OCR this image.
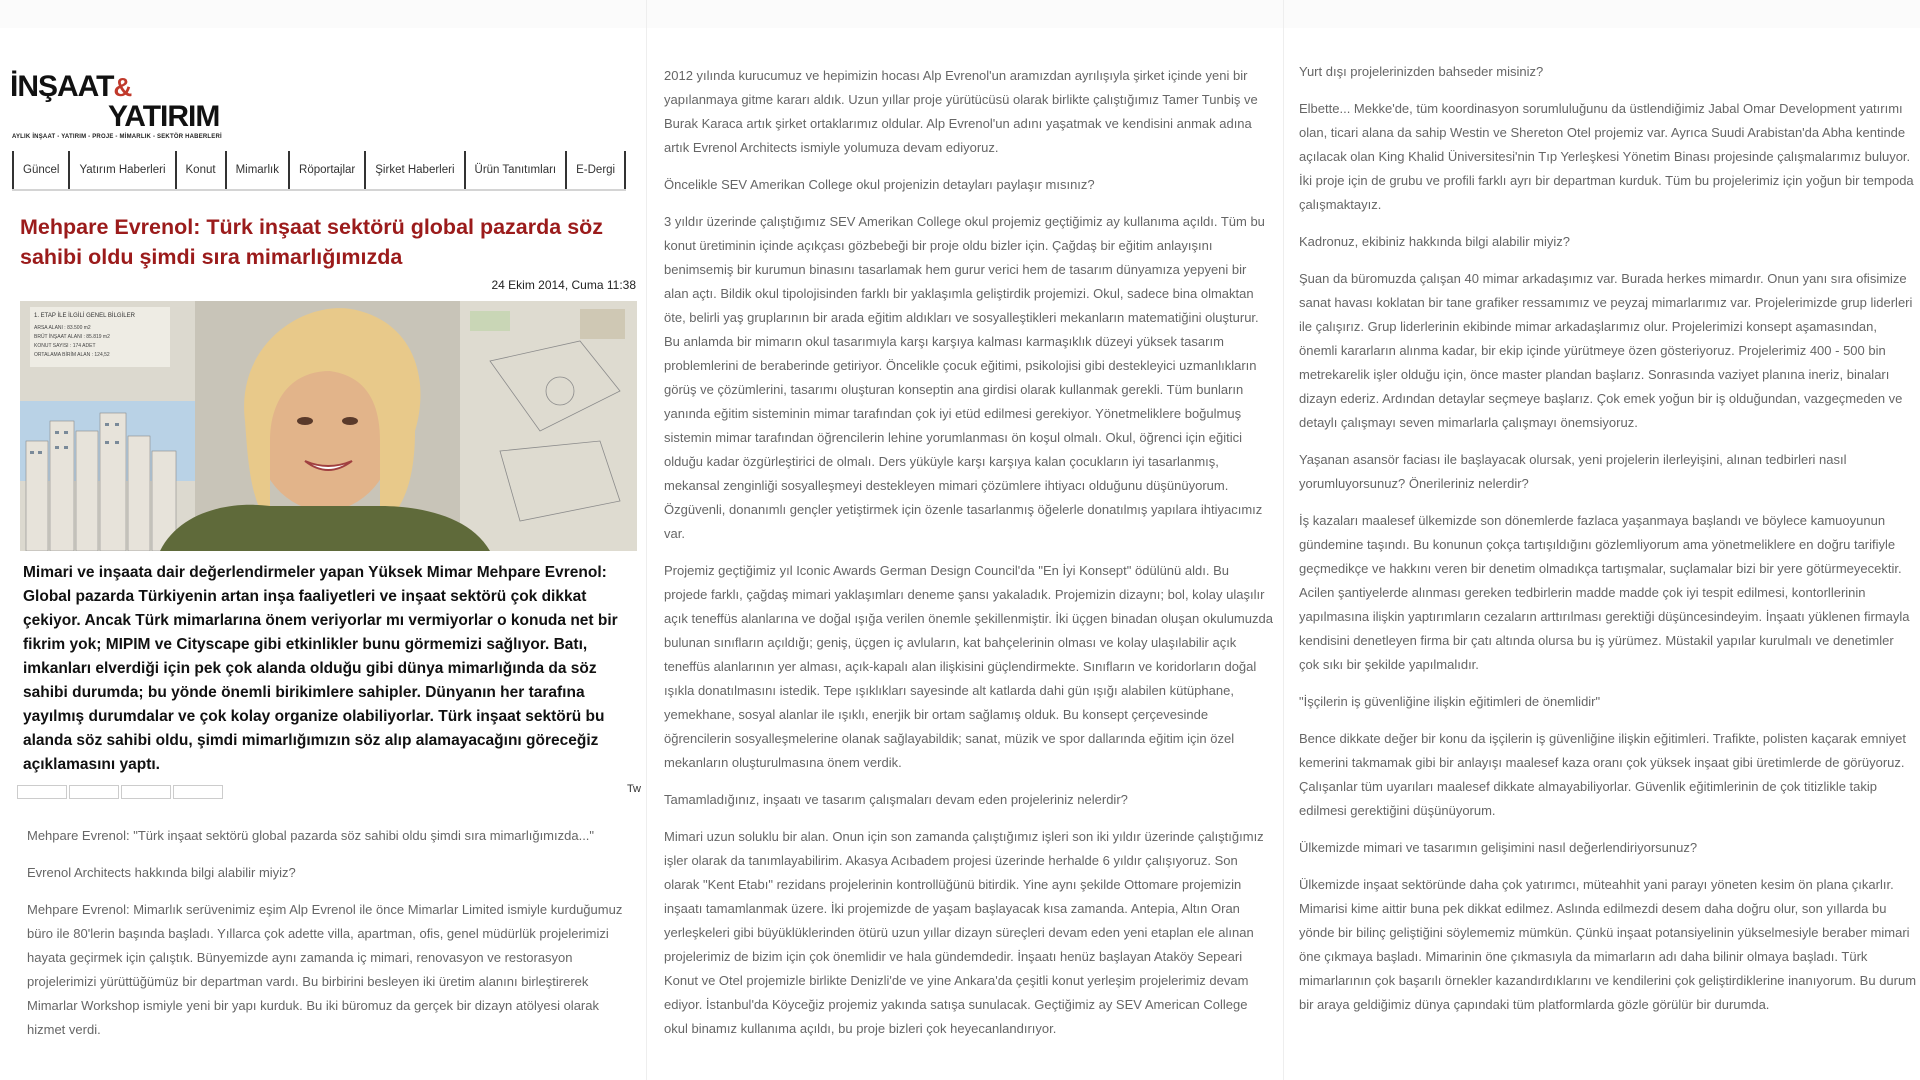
İNŞAAT&
YATIRIM
AYLIK İNŞAAT - YATIRIM - PROJE - MİMARLIK - SEKTÖR HABERLERİ
Güncel	Yatırım Haberleri	Konut	Mimarlık	Röportajlar	Şirket Haberleri	Ürün Tanıtımları	E-Dergi
Mehpare Evrenol: Türk inşaat sektörü global pazarda söz sahibi oldu şimdi sıra mimarlığımızda
24 Ekim 2014, Cuma 11:38
1. ETAP İLE İLGİLİ GENEL BİLGİLER
ARSA ALANI : 83.500 m2
BRÜT İNŞAAT ALANI : 85.819 m2
KONUT SAYISI : 174 ADET
ORTALAMA BİRİM ALAN : 124,52
Mimari ve inşaata dair değerlendirmeler yapan Yüksek Mimar Mehpare Evrenol: Global pazarda Türkiyenin artan inşa faaliyetleri ve inşaat sektörü çok dikkat çekiyor. Ancak Türk mimarlarına önem veriyorlar mı vermiyorlar o konuda net bir fikrim yok; MIPIM ve Cityscape gibi etkinlikler bunu görmemizi sağlıyor. Batı, imkanları elverdiği için pek çok alanda olduğu gibi dünya mimarlığında da söz sahibi durumda; bu yönde önemli birikimlere sahipler. Dünyanın her tarafına yayılmış durumdalar ve çok kolay organize olabiliyorlar. Türk inşaat sektörü bu alanda söz sahibi oldu, şimdi mimarlığımızın söz alıp alamayacağını göreceğiz açıklamasını yaptı.
Tw

Mehpare Evrenol: "Türk inşaat sektörü global pazarda söz sahibi oldu şimdi sıra mimarlığımızda..."

Evrenol Architects hakkında bilgi alabilir miyiz?

Mehpare Evrenol: Mimarlık serüvenimiz eşim Alp Evrenol ile önce Mimarlar Limited ismiyle kurduğumuz büro ile 80'lerin başında başladı. Yıllarca çok adette villa, apartman, ofis, genel müdürlük projelerimizi hayata geçirmek için çalıştık. Bünyemizde aynı zamanda iç mimari, renovasyon ve restorasyon projelerimizi yürüttüğümüz bir departman vardı. Bu birbirini besleyen iki üretim alanını birleştirerek Mimarlar Workshop ismiyle yeni bir yapı kurduk. Bu iki büromuz da gerçek bir dizayn atölyesi olarak hizmet verdi.

2012 yılında kurucumuz ve hepimizin hocası Alp Evrenol'un aramızdan ayrılışıyla şirket içinde yeni bir yapılanmaya gitme kararı aldık. Uzun yıllar proje yürütücüsü olarak birlikte çalıştığımız Tamer Tunbiş ve Burak Karaca artık şirket ortaklarımız oldular. Alp Evrenol'un adını yaşatmak ve kendisini anmak adına artık Evrenol Architects ismiyle yolumuza devam ediyoruz.

Öncelikle SEV Amerikan College okul projenizin detayları paylaşır mısınız?

3 yıldır üzerinde çalıştığımız SEV Amerikan College okul projemiz geçtiğimiz ay kullanıma açıldı. Tüm bu konut üretiminin içinde açıkçası gözbebeği bir proje oldu bizler için. Çağdaş bir eğitim anlayışını benimsemiş bir kurumun binasını tasarlamak hem gurur verici hem de tasarım dünyamıza yepyeni bir alan açtı. Bildik okul tipolojisinden farklı bir yaklaşımla geliştirdik projemizi. Okul, sadece bina olmaktan öte, belirli yaş gruplarının bir arada eğitim aldıkları ve sosyalleştikleri mekanların matematiğini oluşturur. Bu anlamda bir mimarın okul tasarımıyla karşı karşıya kalması karmaşıklık düzeyi yüksek tasarım problemlerini de beraberinde getiriyor. Öncelikle çocuk eğitimi, psikolojisi gibi destekleyici uzmanlıkların görüş ve çözümlerini, tasarımı oluşturan konseptin ana girdisi olarak kullanmak gerekli. Tüm bunların yanında eğitim sisteminin mimar tarafından çok iyi etüd edilmesi gerekiyor. Yönetmeliklere boğulmuş sistemin mimar tarafından öğrencilerin lehine yorumlanması ön koşul olmalı. Okul, öğrenci için eğitici olduğu kadar özgürleştirici de olmalı. Ders yüküyle karşı karşıya kalan çocukların iyi tasarlanmış, mekansal zenginliği sosyalleşmeyi destekleyen mimari çözümlere ihtiyacı olduğunu düşünüyorum. Özgüvenli, donanımlı gençler yetiştirmek için özenle tasarlanmış öğelerle donatılmış yapılara ihtiyacımız var.

Projemiz geçtiğimiz yıl Iconic Awards German Design Council'da "En İyi Konsept" ödülünü aldı. Bu projede farklı, çağdaş mimari yaklaşımları deneme şansı yakaladık. Projemizin dizaynı; bol, kolay ulaşılır açık teneffüs alanlarına ve doğal ışığa verilen önemle şekillenmiştir. İki üçgen binadan oluşan okulumuzda bulunan sınıfların açıldığı; geniş, üçgen iç avluların, kat bahçelerinin olması ve kolay ulaşılabilir açık teneffüs alanlarının yer alması, açık-kapalı alan ilişkisini güçlendirmekte. Sınıfların ve koridorların doğal ışıkla donatılmasını istedik. Tepe ışıklıkları sayesinde alt katlarda dahi gün ışığı alabilen kütüphane, yemekhane, sosyal alanlar ile ışıklı, enerjik bir ortam sağlamış olduk. Bu konsept çerçevesinde öğrencilerin sosyalleşmelerine olanak sağlayabildik; sanat, müzik ve spor dallarında eğitim için özel mekanların oluşturulmasına önem verdik.

Tamamladığınız, inşaatı ve tasarım çalışmaları devam eden projeleriniz nelerdir?

Mimari uzun soluklu bir alan. Onun için son zamanda çalıştığımız işleri son iki yıldır üzerinde çalıştığımız işler olarak da tanımlayabilirim. Akasya Acıbadem projesi üzerinde herhalde 6 yıldır çalışıyoruz. Son olarak "Kent Etabı" rezidans projelerinin kontrollüğünü bitirdik. Yine aynı şekilde Ottomare projemizin inşaatı tamamlanmak üzere. İki projemizde de yaşam başlayacak kısa zamanda. Antepia, Altın Oran yerleşkeleri gibi büyüklüklerinden ötürü uzun yıllar dizayn süreçleri devam eden yeni etaplan ele alınan projelerimiz de bizim için çok önemlidir ve hala gündemdedir. İnşaatı henüz başlayan Ataköy Sepeari Konut ve Otel projemizle birlikte Denizli'de ve yine Ankara'da çeşitli konut yerleşim projelerimiz devam ediyor. İstanbul'da Köyceğiz projemiz yakında satışa sunulacak. Geçtiğimiz ay SEV American College okul binamız kullanıma açıldı, bu proje bizleri çok heyecanlandırıyor.

Yurt dışı projelerinizden bahseder misiniz?

Elbette... Mekke'de, tüm koordinasyon sorumluluğunu da üstlendiğimiz Jabal Omar Development yatırımı olan, ticari alana da sahip Westin ve Shereton Otel projemiz var. Ayrıca Suudi Arabistan'da Abha kentinde açılacak olan King Khalid Üniversitesi'nin Tıp Yerleşkesi Yönetim Binası projesinde çalışmalarımız buluyor. İki proje için de grubu ve profili farklı ayrı bir departman kurduk. Tüm bu projelerimiz için yoğun bir tempoda çalışmaktayız.

Kadronuz, ekibiniz hakkında bilgi alabilir miyiz?

Şuan da büromuzda çalışan 40 mimar arkadaşımız var. Burada herkes mimardır. Onun yanı sıra ofisimize sanat havası koklatan bir tane grafiker ressamımız ve peyzaj mimarlarımız var. Projelerimizde grup liderleri ile çalışırız. Grup liderlerinin ekibinde mimar arkadaşlarımız olur. Projelerimizi konsept aşamasından, önemli kararların alınma kadar, bir ekip içinde yürütmeye özen gösteriyoruz. Projelerimiz 400 - 500 bin metrekarelik işler olduğu için, önce master plandan başlarız. Sonrasında vaziyet planına ineriz, binaları dizayn ederiz. Ardından detaylar seçmeye başlarız. Çok emek yoğun bir iş olduğundan, vazgeçmeden ve detaylı çalışmayı seven mimarlarla çalışmayı önemsiyoruz.

Yaşanan asansör faciası ile başlayacak olursak, yeni projelerin ilerleyişini, alınan tedbirleri nasıl yorumluyorsunuz? Önerileriniz nelerdir?

İş kazaları maalesef ülkemizde son dönemlerde fazlaca yaşanmaya başlandı ve böylece kamuoyunun gündemine taşındı. Bu konunun çokça tartışıldığını gözlemliyorum ama yönetmeliklere en doğru tarifiyle geçmedikçe ve hakkını veren bir denetim olmadıkça tartışmalar, suçlamalar bizi bir yere götürmeyecektir. Acilen şantiyelerde alınması gereken tedbirlerin madde madde çok iyi tespit edilmesi, kontorllerinin yapılmasına ilişkin yaptırımların cezaların arttırılması gerektiği düşüncesindeyim. İnşaatı yüklenen firmayla kendisini denetleyen firma bir çatı altında olursa bu iş yürümez. Müstakil yapılar kurulmalı ve denetimler çok sıkı bir şekilde yapılmalıdır.

"İşçilerin iş güvenliğine ilişkin eğitimleri de önemlidir"

Bence dikkate değer bir konu da işçilerin iş güvenliğine ilişkin eğitimleri. Trafikte, polisten kaçarak emniyet kemerini takmamak gibi bir anlayışı maalesef kaza oranı çok yüksek inşaat gibi üretimlerde de görüyoruz. Çalışanlar tüm uyarıları maalesef dikkate almayabiliyorlar. Güvenlik eğitimlerinin de çok titizlikle takip edilmesi gerektiğini düşünüyorum.

Ülkemizde mimari ve tasarımın gelişimini nasıl değerlendiriyorsunuz?

Ülkemizde inşaat sektöründe daha çok yatırımcı, müteahhit yani parayı yöneten kesim ön plana çıkarlır. Mimarisi kime aittir buna pek dikkat edilmez. Aslında edilmezdi desem daha doğru olur, son yıllarda bu yönde bir bilinç geliştiğini söylememiz mümkün. Çünkü inşaat potansiyelinin yükselmesiyle beraber mimari öne çıkmaya başladı. Mimarinin öne çıkmasıyla da mimarların adı daha bilinir olmaya başladı. Türk mimarlarının çok başarılı örnekler kazandırdıklarını ve kendilerini çok geliştirdiklerine inanıyorum. Bu durum bir araya geldiğimiz dünya çapındaki tüm platformlarda gözle görülür bir durumda.
